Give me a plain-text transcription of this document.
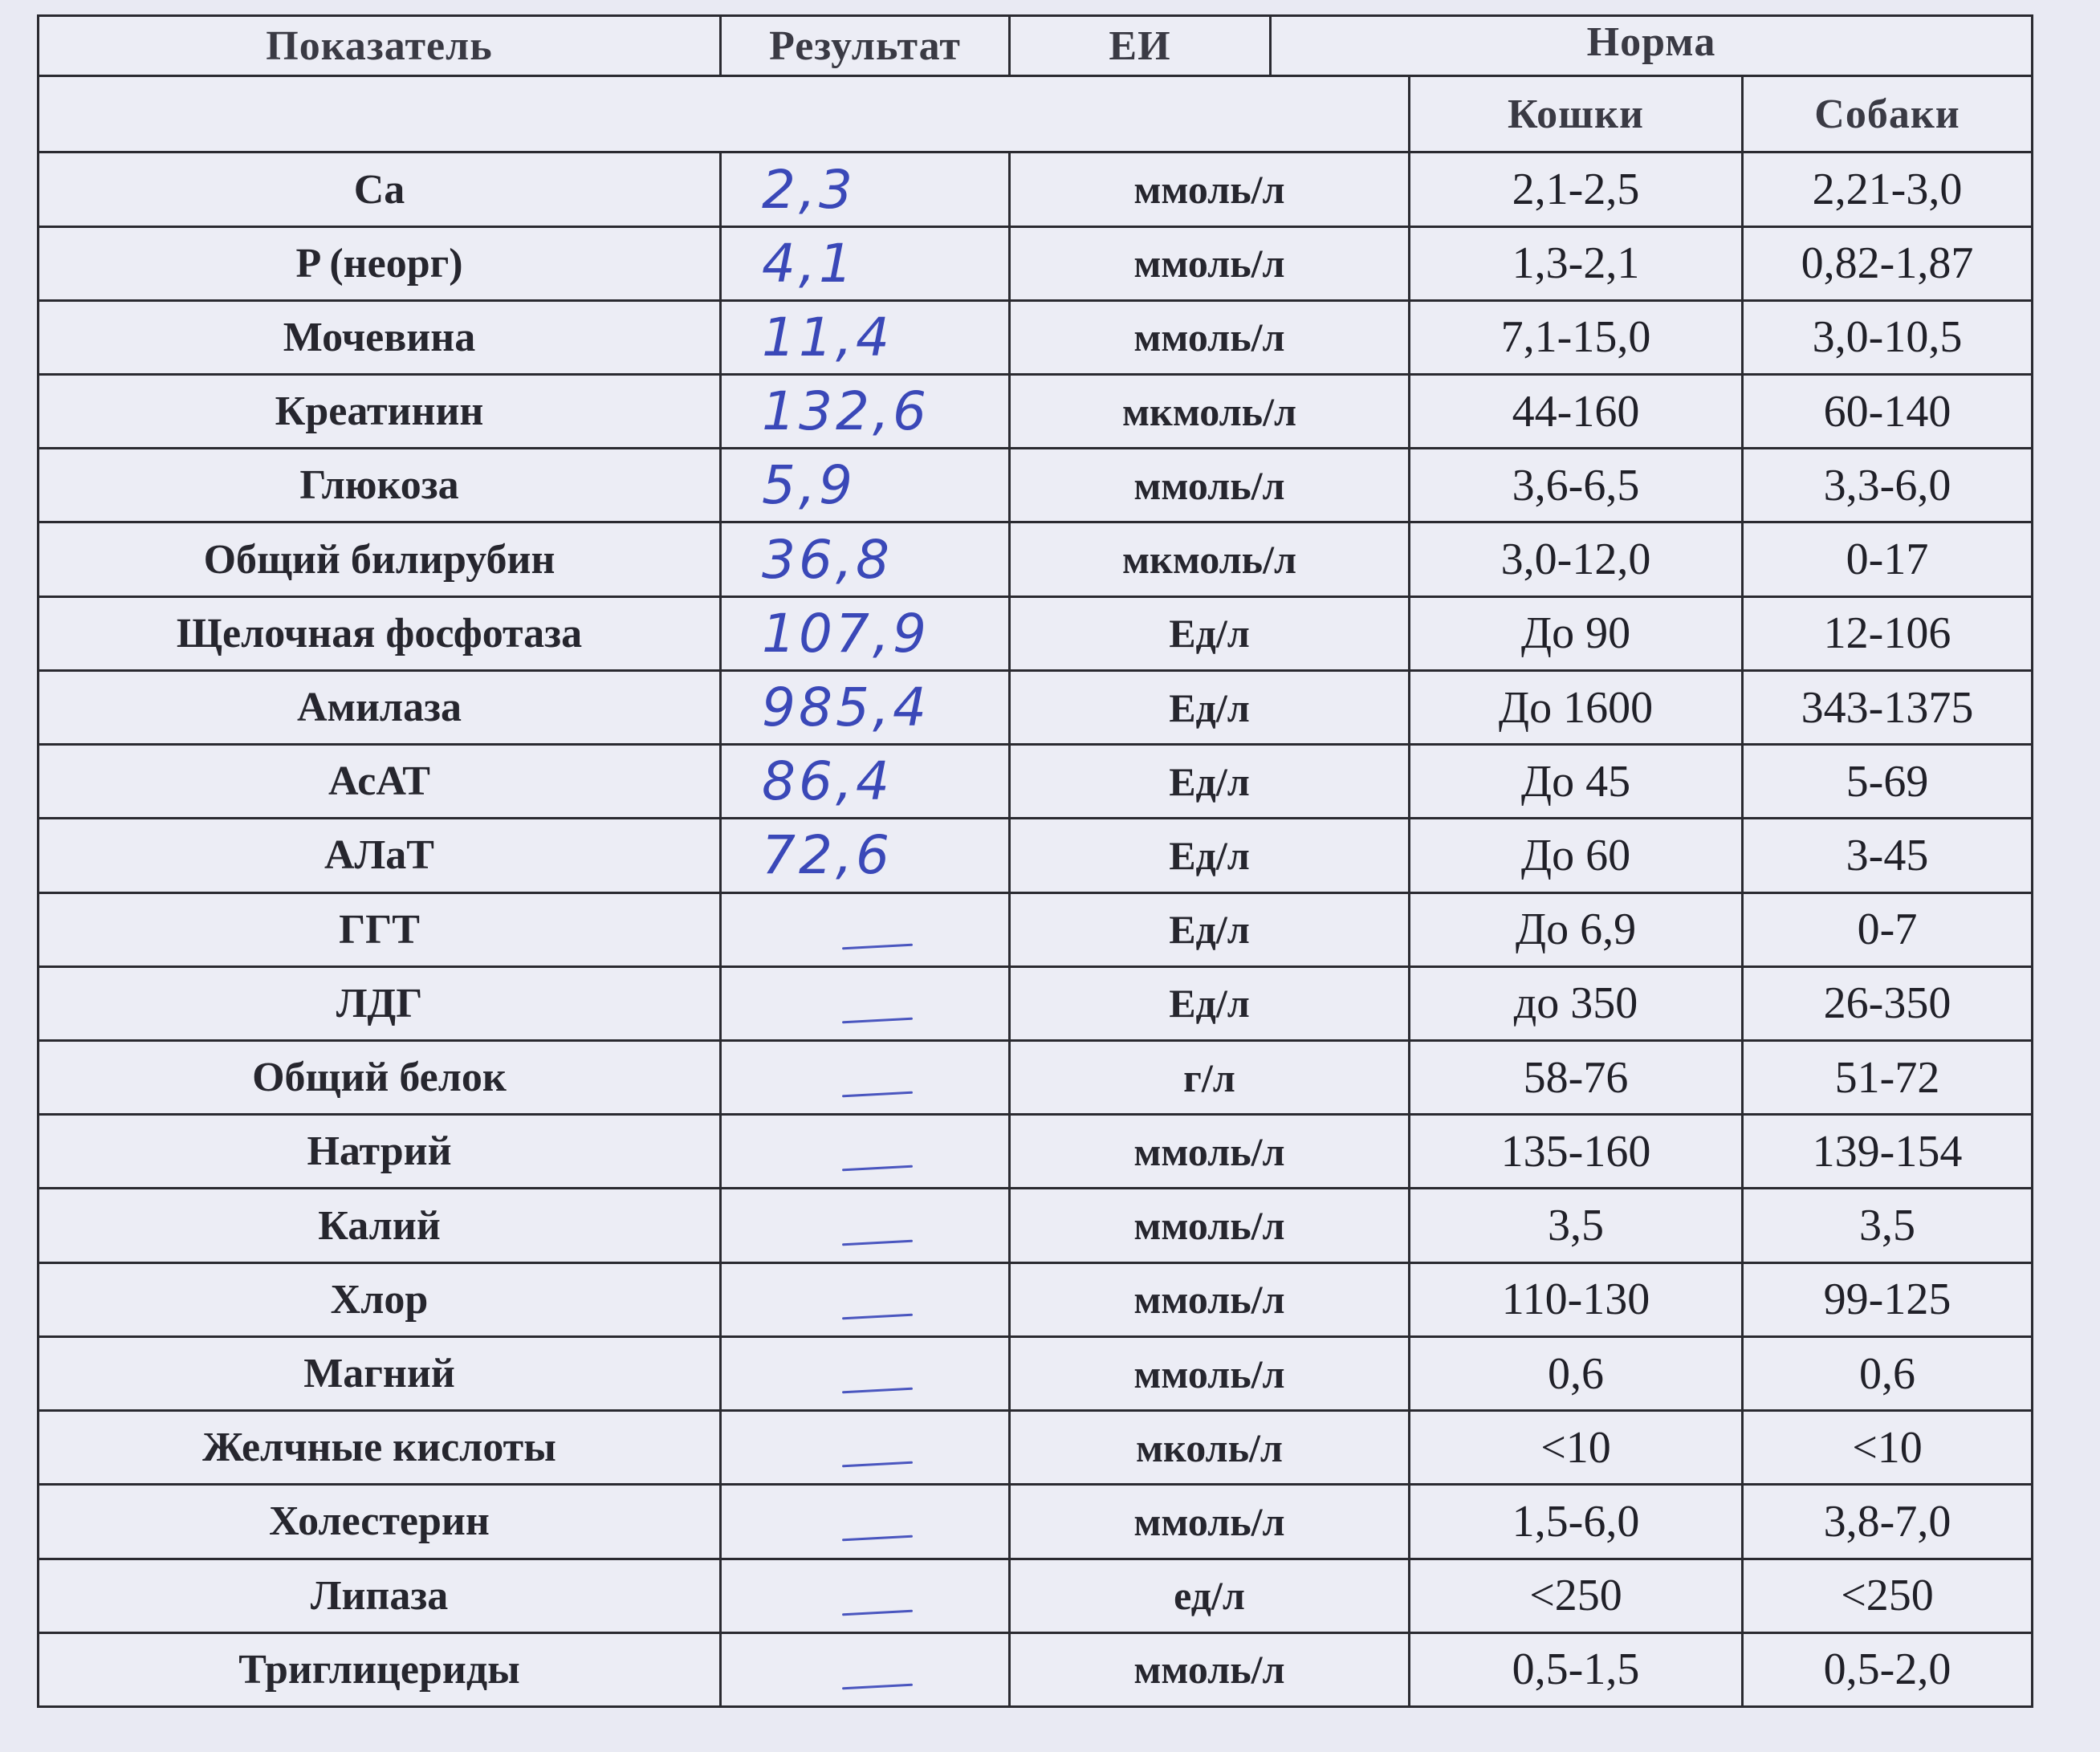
Показатель	Результат	ЕИ	Норма		
				Кошки	Собаки
Ca	2,3	ммоль/л		2,1-2,5	2,21-3,0
P (неорг)	4,1	ммоль/л		1,3-2,1	0,82-1,87
Мочевина	11,4	ммоль/л		7,1-15,0	3,0-10,5
Креатинин	132,6	мкмоль/л		44-160	60-140
Глюкоза	5,9	ммоль/л		3,6-6,5	3,3-6,0
Общий билирубин	36,8	мкмоль/л		3,0-12,0	0-17
Щелочная фосфотаза	107,9	Ед/л		До 90	12-106
Амилаза	985,4	Ед/л		До 1600	343-1375
АсАТ	86,4	Ед/л		До 45	5-69
АЛаТ	72,6	Ед/л		До 60	3-45
ГГТ		Ед/л		До 6,9	0-7
ЛДГ		Ед/л		до 350	26-350
Общий белок		г/л		58-76	51-72
Натрий		ммоль/л		135-160	139-154
Калий		ммоль/л		3,5	3,5
Хлор		ммоль/л		110-130	99-125
Магний		ммоль/л		0,6	0,6
Желчные кислоты		мколь/л		<10	<10
Холестерин		ммоль/л		1,5-6,0	3,8-7,0
Липаза		ед/л		<250	<250
Триглицериды		ммоль/л		0,5-1,5	0,5-2,0
